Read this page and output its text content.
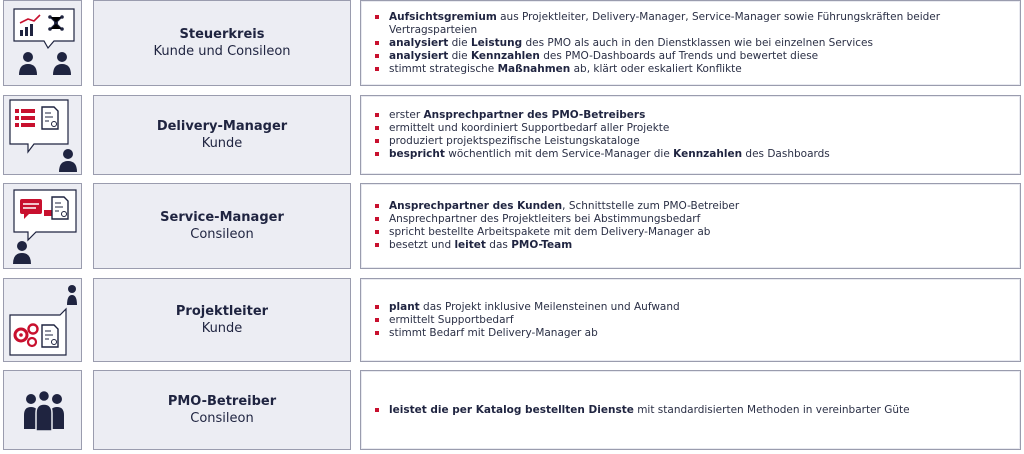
Steuerkreis
Kunde und Consileon
Aufsichtsgremium aus Projektleiter, Delivery-Manager, Service-Manager sowie Führungskräften beider Vertragsparteien
analysiert die Leistung des PMO als auch in den Dienstklassen wie bei einzelnen Services
analysiert die Kennzahlen des PMO-Dashboards auf Trends und bewertet diese
stimmt strategische Maßnahmen ab, klärt oder eskaliert Konflikte
Delivery-Manager
Kunde
erster Ansprechpartner des PMO-Betreibers
ermittelt und koordiniert Supportbedarf aller Projekte
produziert projektspezifische Leistungskataloge
bespricht wöchentlich mit dem Service-Manager die Kennzahlen des Dashboards
Service-Manager
Consileon
Ansprechpartner des Kunden, Schnittstelle zum PMO-Betreiber
Ansprechpartner des Projektleiters bei Abstimmungsbedarf
spricht bestellte Arbeitspakete mit dem Delivery-Manager ab
besetzt und leitet das PMO-Team
Projektleiter
Kunde
plant das Projekt inklusive Meilensteinen und Aufwand
ermittelt Supportbedarf
stimmt Bedarf mit Delivery-Manager ab
PMO-Betreiber
Consileon
leistet die per Katalog bestellten Dienste mit standardisierten Methoden in vereinbarter Güte
